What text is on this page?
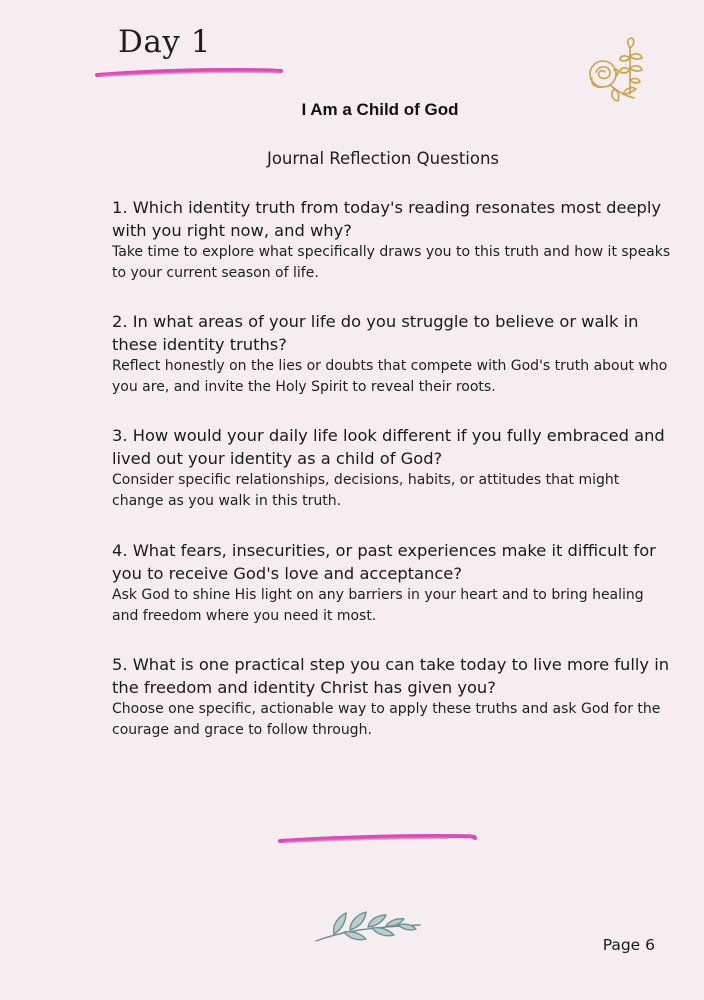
Day 1
I Am a Child of God
Journal Reflection Questions
1. Which identity truth from today's reading resonates most deeply with you right now, and why?
Take time to explore what specifically draws you to this truth and how it speaks to your current season of life.
2. In what areas of your life do you struggle to believe or walk in these identity truths?
Reflect honestly on the lies or doubts that compete with God's truth about who you are, and invite the Holy Spirit to reveal their roots.
3. How would your daily life look different if you fully embraced and lived out your identity as a child of God?
Consider specific relationships, decisions, habits, or attitudes that might change as you walk in this truth.
4. What fears, insecurities, or past experiences make it difficult for you to receive God's love and acceptance?
Ask God to shine His light on any barriers in your heart and to bring healing and freedom where you need it most.
5. What is one practical step you can take today to live more fully in the freedom and identity Christ has given you?
Choose one specific, actionable way to apply these truths and ask God for the courage and grace to follow through.
Page 6
